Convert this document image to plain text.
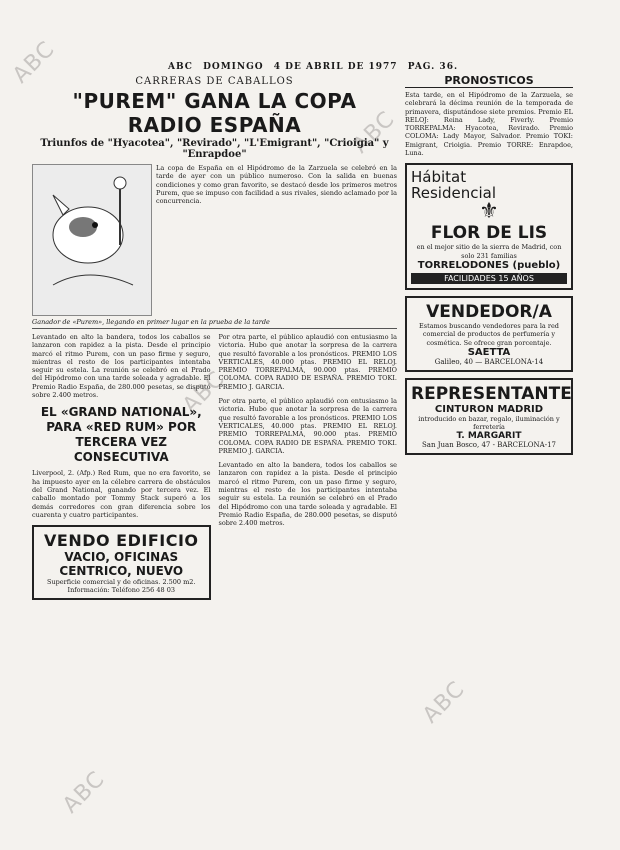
ABC
ABC
ABC
ABC
ABC
ABC DOMINGO 4 DE ABRIL DE 1977 PAG. 36.
CARRERAS DE CABALLOS
"PUREM" GANA LA COPA RADIO ESPAÑA
Triunfos de "Hyacotea", "Revirado", "L'Emigrant", "Crioigia" y "Enrapdoe"
La copa de España en el Hipódromo de la Zarzuela se celebró en la tarde de ayer con un público numeroso. Con la salida en buenas condiciones y como gran favorito, se destacó desde los primeros metros Purem, que se impuso con facilidad a sus rivales, siendo aclamado por la concurrencia.
Ganador de «Purem», llegando en primer lugar en la prueba de la tarde
Levantado en alto la bandera, todos los caballos se lanzaron con rapidez a la pista. Desde el principio marcó el ritmo Purem, con un paso firme y seguro, mientras el resto de los participantes intentaba seguir su estela. La reunión se celebró en el Prado del Hipódromo con una tarde soleada y agradable. El Premio Radio España, de 280.000 pesetas, se disputó sobre 2.400 metros.
EL «GRAND NATIONAL», PARA «RED RUM» POR TERCERA VEZ CONSECUTIVA
Liverpool, 2. (Afp.) Red Rum, que no era favorito, se ha impuesto ayer en la célebre carrera de obstáculos del Grand National, ganando por tercera vez. El caballo montado por Tommy Stack superó a los demás corredores con gran diferencia sobre los cuarenta y cuatro participantes.
VENDO EDIFICIO
VACIO, OFICINAS
CENTRICO, NUEVO
Superficie comercial y de oficinas. 2.500 m2. Información: Teléfono 256 48 03
Por otra parte, el público aplaudió con entusiasmo la victoria. Hubo que anotar la sorpresa de la carrera que resultó favorable a los pronósticos. PREMIO LOS VERTICALES, 40.000 ptas. PREMIO EL RELOJ. PREMIO TORREPALMA, 90.000 ptas. PREMIO COLOMA. COPA RADIO DE ESPAÑA. PREMIO TOKI. PREMIO J. GARCIA.
Por otra parte, el público aplaudió con entusiasmo la victoria. Hubo que anotar la sorpresa de la carrera que resultó favorable a los pronósticos. PREMIO LOS VERTICALES, 40.000 ptas. PREMIO EL RELOJ. PREMIO TORREPALMA, 90.000 ptas. PREMIO COLOMA. COPA RADIO DE ESPAÑA. PREMIO TOKI. PREMIO J. GARCIA.
Levantado en alto la bandera, todos los caballos se lanzaron con rapidez a la pista. Desde el principio marcó el ritmo Purem, con un paso firme y seguro, mientras el resto de los participantes intentaba seguir su estela. La reunión se celebró en el Prado del Hipódromo con una tarde soleada y agradable. El Premio Radio España, de 280.000 pesetas, se disputó sobre 2.400 metros.
PRONOSTICOS
Esta tarde, en el Hipódromo de la Zarzuela, se celebrará la décima reunión de la temporada de primavera, disputándose siete premios. Premio EL RELOJ: Reina Lady, Fiverly. Premio TORREPALMA: Hyacotea, Revirado. Premio COLOMA: Lady Mayor, Salvador. Premio TOKI: Emigrant, Crioigia. Premio TORRE: Enrapdoe, Luna.
Hábitat
Residencial
⚜
FLOR DE LIS
en el mejor sitio de la sierra de Madrid, con solo 231 familias
TORRELODONES (pueblo)
FACILIDADES 15 AÑOS
VENDEDOR/A
Estamos buscando vendedores para la red comercial de productos de perfumería y cosmética. Se ofrece gran porcentaje.
SAETTA
Galileo, 40 — BARCELONA-14
REPRESENTANTE
CINTURON MADRID
introducido en bazar, regalo, iluminación y ferretería
T. MARGARIT
San Juan Bosco, 47 - BARCELONA-17
